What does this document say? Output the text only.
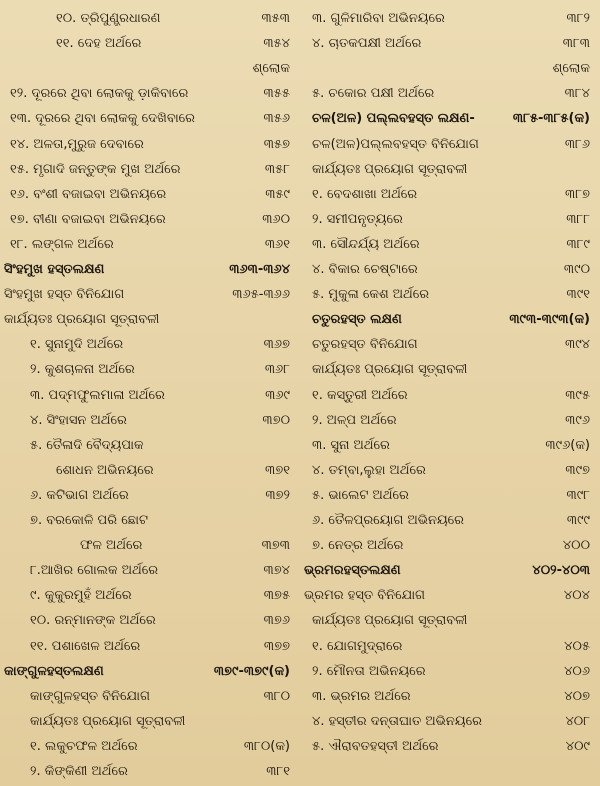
୧୦. ତ୍ରିପୁଣ୍ଡ୍ରଧାରଣ	୩୫୩
୧୧. ଦେହ ଅର୍ଥରେ	୩୫୪
୧୨. ଦୂରରେ ଥିବା ଲୋକକୁ ଡ଼ାକିବାରେ	୩୫୫
୧୩. ଦୂରରେ ଥିବା ଲୋକକୁ ଦେଖିବାରେ	୩୫୬
୧୪. ଅଳତା,ମୁରୁଜ ଦେବାରେ	୩୫୭
୧୫. ମୃଗାଦି ଜନ୍ତୁଙ୍କ ମୁଖ ଅର୍ଥରେ	୩୫୮
୧୬. ବଂଶୀ ବଜାଇବା ଅଭିନୟରେ	୩୫୯
୧୭. ବୀଣା ବଜାଇବା ଅଭିନୟରେ	୩୬୦
୧୮. ଲଙ୍ଗଳ ଅର୍ଥରେ	୩୬୧
ସିଂହମୁଖ ହସ୍ତଲକ୍ଷଣ	୩୬୩-୩୬୪
ସିଂହମୁଖ ହସ୍ତ ବିନିଯୋଗ	୩୬୫-୩୬୬
କାର୍ଯ୍ୟତଃ ପ୍ରୟୋଗ ସୂତ୍ରାବଳୀ
୧. ସୁନାମୁଦି ଅର୍ଥରେ	୩୬୭
୨. କୁଶଚାଳନା ଅର୍ଥରେ	୩୬୮
୩. ପଦ୍ମଫୁଲମାଳା ଅର୍ଥରେ	୩୬୯
୪. ସିଂହାସନ ଅର୍ଥରେ	୩୭୦
୫. ତୈଳାଦି ବୈଦ୍ୟପାକ
ଶୋଧନ ଅଭିନୟରେ	୩୭୧
୬. କଟିଭାଗ ଅର୍ଥରେ	୩୭୨
୭. ବରକୋଳି ପରି ଛୋଟ
ଫଳ ଅର୍ଥରେ	୩୭୩
୮.ଆଖିର ଗୋଲକ ଅର୍ଥରେ	୩୭୪
୯. କୁକୁରମୁହଁ ଅର୍ଥରେ	୩୭୫
୧୦. ରନ୍ମାନଙ୍କ ଅର୍ଥରେ	୩୭୬
୧୧. ପଶାଖେଳ ଅର୍ଥରେ	୩୭୭
କାଙ୍ଗୁଳହସ୍ତଲକ୍ଷଣ	୩୭୯-୩୭୯(କ)
କାଙ୍ଗୁଳହସ୍ତ ବିନିଯୋଗ	୩୮୦
କାର୍ଯ୍ୟତଃ ପ୍ରୟୋଗ ସୂତ୍ରାବଳୀ
୧. ଲକୁଚଫଳ ଅର୍ଥରେ	୩୮୦(କ)
୨. କିଙ୍କିଣୀ ଅର୍ଥରେ	୩୮୧
ଶ୍ଲୋକ
୩. ଗୁଳିମାରିବା ଅଭିନୟରେ	୩୮୨
୪. ଚାତକପକ୍ଷୀ ଅର୍ଥରେ	୩୮୩
୫. ଚକୋର ପକ୍ଷୀ ଅର୍ଥରେ	୩୮୪
ଚଳ(ଅଳ) ପଲ୍ଲବହସ୍ତ ଲକ୍ଷଣ-	୩୮୫-୩୮୫(କ)
ଚଳ(ଅଳ)ପଲ୍ଲବହସ୍ତ ବିନିଯୋଗ	୩୮୬
କାର୍ଯ୍ୟତଃ ପ୍ରୟୋଗ ସୂତ୍ରାବଳୀ
୧. ବେଦଶାଖା ଅର୍ଥରେ	୩୮୭
୨. ସମୀପନୃତ୍ୟରେ	୩୮୮
୩. ସୌନ୍ଦର୍ଯ୍ୟ ଅର୍ଥରେ	୩୮୯
୪. ବିକାର ଚେଷ୍ଟାରେ	୩୯୦
୫. ମୁକୁଳା କେଶ ଅର୍ଥରେ	୩୯୧
ଚତୁରହସ୍ତ ଲକ୍ଷଣ	୩୯୩-୩୯୩(କ)
ଚତୁରହସ୍ତ ବିନିଯୋଗ	୩୯୪
କାର୍ଯ୍ୟତଃ ପ୍ରୟୋଗ ସୂତ୍ରାବଳୀ
୧. କସ୍ତୁରୀ ଅର୍ଥରେ	୩୯୫
୨. ଅଳ୍ପ ଅର୍ଥରେ	୩୯୬
୩. ସୁନା ଅର୍ଥରେ	୩୯୬(କ)
୪. ତମ୍ବା,ଲୁହା ଅର୍ଥରେ	୩୯୭
୫. ଭାଲେଟ ଅର୍ଥରେ	୩୯୮
୬. ତୈଳପ୍ରୟୋଗ ଅଭିନୟରେ	୩୯୯
୭. ନେତ୍ର ଅର୍ଥରେ	୪୦୦
ଭ୍ରମରହସ୍ତଲକ୍ଷଣ	୪୦୨-୪୦୩
ଭ୍ରମର ହସ୍ତ ବିନିଯୋଗ	୪୦୪
କାର୍ଯ୍ୟତଃ ପ୍ରୟୋଗ ସୂତ୍ରାବଳୀ
୧. ଯୋଗମୁଦ୍ରାରେ	୪୦୫
୨. ମୌନତା ଅଭିନୟରେ	୪୦୬
୩. ଭ୍ରମର ଅର୍ଥରେ	୪୦୭
୪. ହସ୍ତୀର ଦନ୍ତାଘାତ ଅଭିନୟରେ	୪୦୮
୫. ଐରାବତହସ୍ତୀ ଅର୍ଥରେ	୪୦୯
ଶ୍ଲୋକ
